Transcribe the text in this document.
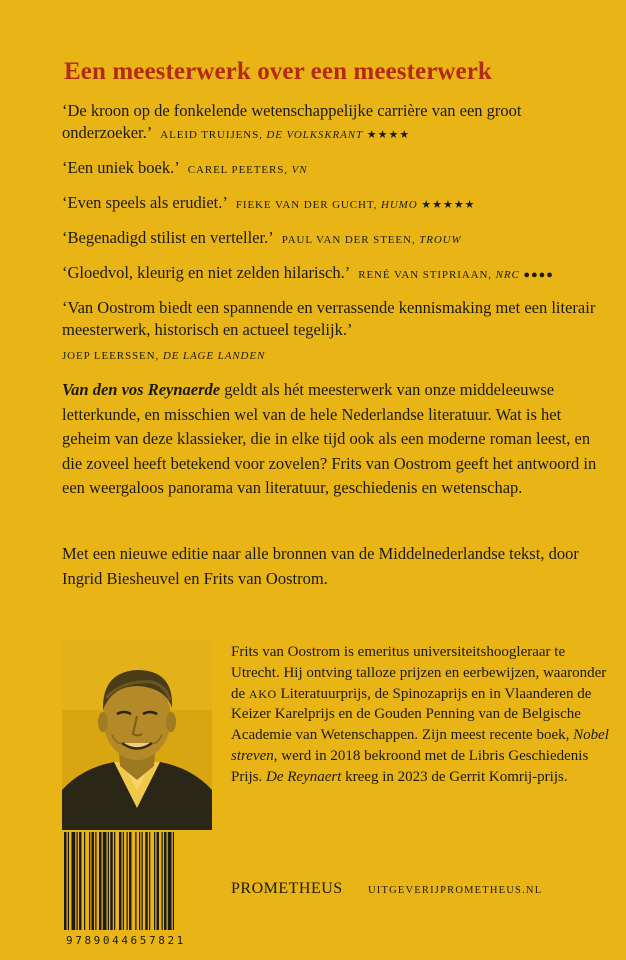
Een meesterwerk over een meesterwerk

‘De kroon op de fonkelende wetenschappelijke carrière van een groot onderzoeker.’ ALEID TRUIJENS, DE VOLKSKRANT ★★★★

‘Een uniek boek.’ CAREL PEETERS, VN

‘Even speels als erudiet.’ FIEKE VAN DER GUCHT, HUMO ★★★★★

‘Begenadigd stilist en verteller.’ PAUL VAN DER STEEN, TROUW

‘Gloedvol, kleurig en niet zelden hilarisch.’ RENÉ VAN STIPRIAAN, NRC ●●●●

‘Van Oostrom biedt een spannende en verrassende kennismaking met een literair meesterwerk, historisch en actueel tegelijk.’
JOEP LEERSSEN, DE LAGE LANDEN

Van den vos Reynaerde geldt als hét meesterwerk van onze middeleeuwse letterkunde, en misschien wel van de hele Nederlandse literatuur. Wat is het geheim van deze klassieker, die in elke tijd ook als een moderne roman leest, en die zoveel heeft betekend voor zovelen? Frits van Oostrom geeft het antwoord in een weergaloos panorama van literatuur, geschiedenis en wetenschap.

Met een nieuwe editie naar alle bronnen van de Middelnederlandse tekst, door Ingrid Biesheuvel en Frits van Oostrom.

Frits van Oostrom is emeritus universiteitshoogleraar te Utrecht. Hij ontving talloze prijzen en eerbewijzen, waaronder de AKO Literatuurprijs, de Spinozaprijs en in Vlaanderen de Keizer Karelprijs en de Gouden Penning van de Belgische Academie van Wetenschappen. Zijn meest recente boek, Nobel streven, werd in 2018 bekroond met de Libris Geschiedenis Prijs. De Reynaert kreeg in 2023 de Gerrit Komrij-prijs.

9789044657821
PROMETHEUS UITGEVERIJPROMETHEUS.NL
